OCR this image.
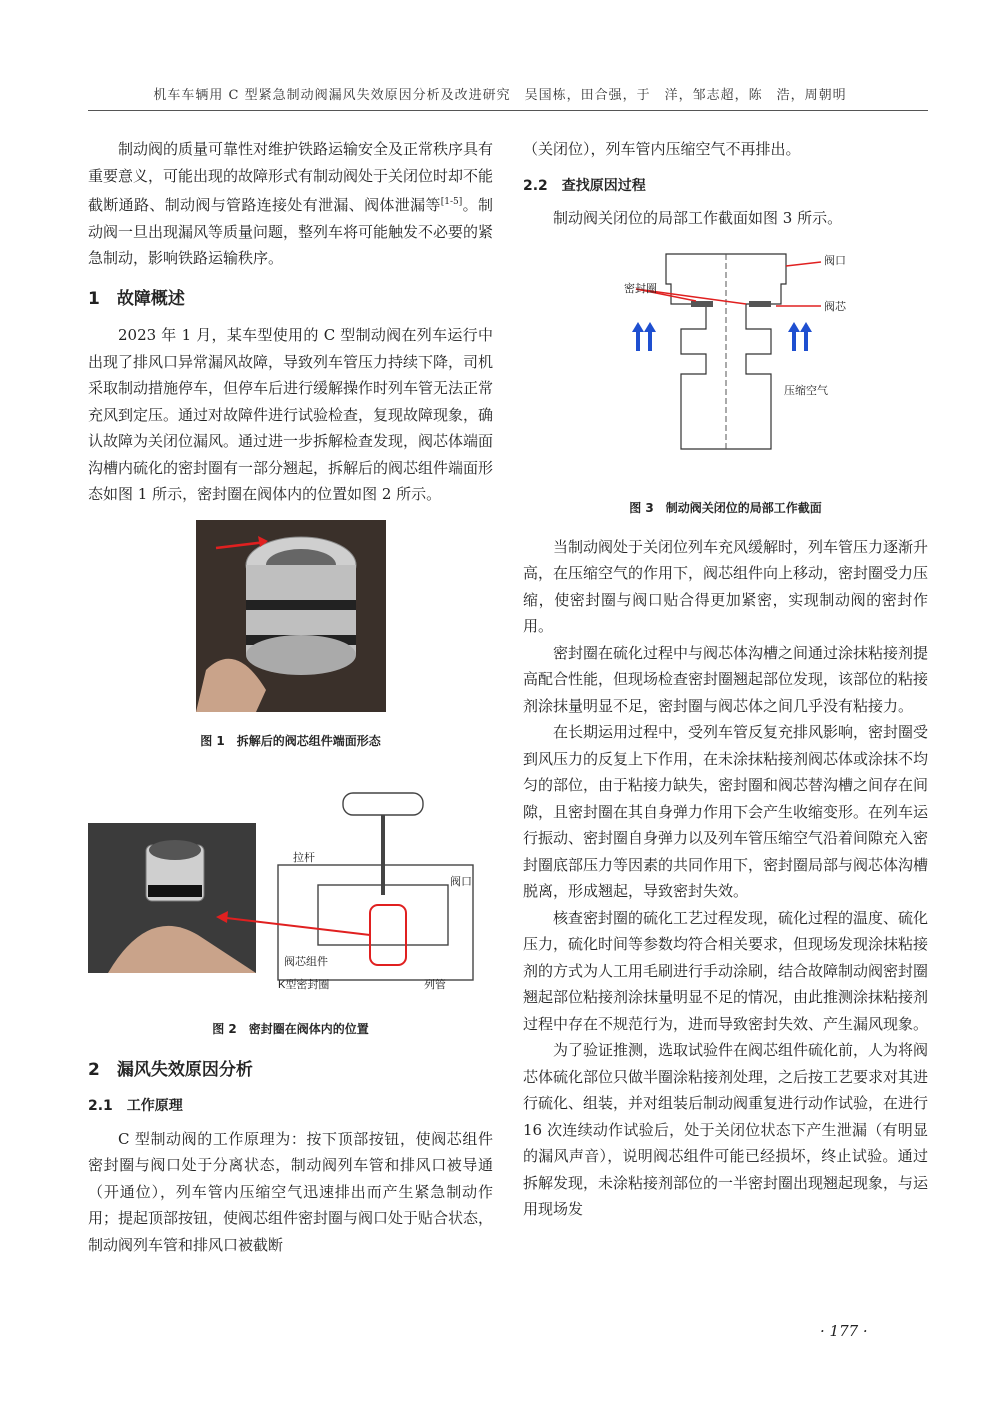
机车车辆用 C 型紧急制动阀漏风失效原因分析及改进研究　吴国栋，田合强，于　洋，邹志超，陈　浩，周朝明

制动阀的质量可靠性对维护铁路运输安全及正常秩序具有重要意义，可能出现的故障形式有制动阀处于关闭位时却不能截断通路、制动阀与管路连接处有泄漏、阀体泄漏等[1-5]。制动阀一旦出现漏风等质量问题，整列车将可能触发不必要的紧急制动，影响铁路运输秩序。

1　故障概述

2023 年 1 月，某车型使用的 C 型制动阀在列车运行中出现了排风口异常漏风故障，导致列车管压力持续下降，司机采取制动措施停车，但停车后进行缓解操作时列车管无法正常充风到定压。通过对故障件进行试验检查，复现故障现象，确认故障为关闭位漏风。通过进一步拆解检查发现，阀芯体端面沟槽内硫化的密封圈有一部分翘起，拆解后的阀芯组件端面形态如图 1 所示，密封圈在阀体内的位置如图 2 所示。

图 1　拆解后的阀芯组件端面形态
拉杆
阀口
阀芯组件
K型密封圈	列管
图 2　密封圈在阀体内的位置
2　漏风失效原因分析
2.1　工作原理

C 型制动阀的工作原理为：按下顶部按钮，使阀芯组件密封圈与阀口处于分离状态，制动阀列车管和排风口被导通（开通位），列车管内压缩空气迅速排出而产生紧急制动作用；提起顶部按钮，使阀芯组件密封圈与阀口处于贴合状态，制动阀列车管和排风口被截断

（关闭位），列车管内压缩空气不再排出。

2.2　查找原因过程

制动阀关闭位的局部工作截面如图 3 所示。

密封圈
阀口
阀芯
压缩空气
图 3　制动阀关闭位的局部工作截面

当制动阀处于关闭位列车充风缓解时，列车管压力逐渐升高，在压缩空气的作用下，阀芯组件向上移动，密封圈受力压缩，使密封圈与阀口贴合得更加紧密，实现制动阀的密封作用。

密封圈在硫化过程中与阀芯体沟槽之间通过涂抹粘接剂提高配合性能，但现场检查密封圈翘起部位发现，该部位的粘接剂涂抹量明显不足，密封圈与阀芯体之间几乎没有粘接力。

在长期运用过程中，受列车管反复充排风影响，密封圈受到风压力的反复上下作用，在未涂抹粘接剂阀芯体或涂抹不均匀的部位，由于粘接力缺失，密封圈和阀芯替沟槽之间存在间隙，且密封圈在其自身弹力作用下会产生收缩变形。在列车运行振动、密封圈自身弹力以及列车管压缩空气沿着间隙充入密封圈底部压力等因素的共同作用下，密封圈局部与阀芯体沟槽脱离，形成翘起，导致密封失效。

核查密封圈的硫化工艺过程发现，硫化过程的温度、硫化压力，硫化时间等参数均符合相关要求，但现场发现涂抹粘接剂的方式为人工用毛刷进行手动涂刷，结合故障制动阀密封圈翘起部位粘接剂涂抹量明显不足的情况，由此推测涂抹粘接剂过程中存在不规范行为，进而导致密封失效、产生漏风现象。

为了验证推测，选取试验件在阀芯组件硫化前，人为将阀芯体硫化部位只做半圈涂粘接剂处理，之后按工艺要求对其进行硫化、组装，并对组装后制动阀重复进行动作试验，在进行 16 次连续动作试验后，处于关闭位状态下产生泄漏（有明显的漏风声音），说明阀芯组件可能已经损坏，终止试验。通过拆解发现，未涂粘接剂部位的一半密封圈出现翘起现象，与运用现场发

· 177 ·
